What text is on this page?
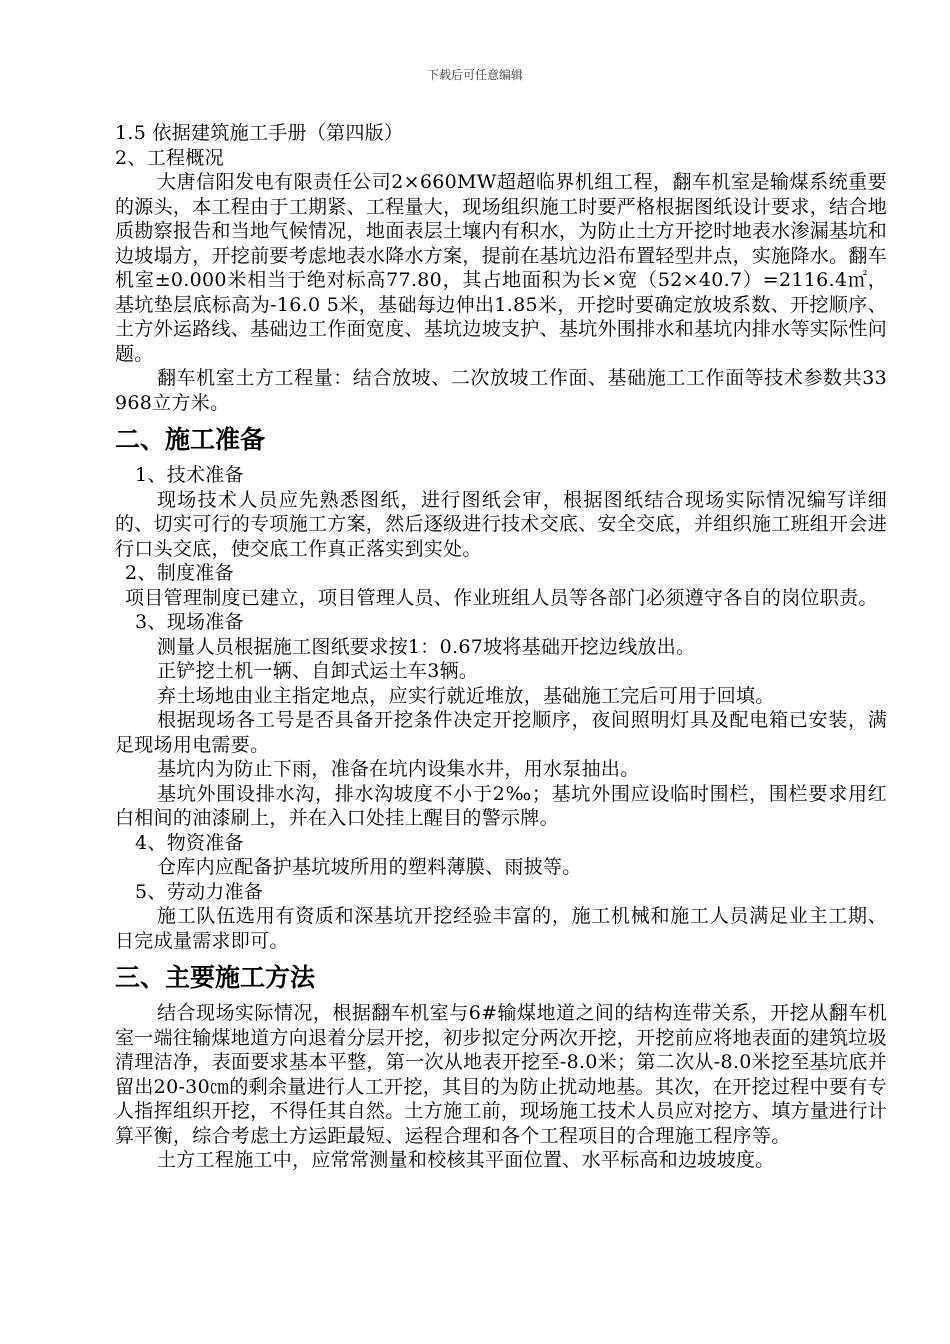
下载后可任意编辑

1.5 依据建筑施工手册（第四版）

2、工程概况

大唐信阳发电有限责任公司2×660MW超超临界机组工程，翻车机室是输煤系统重要的源头，本工程由于工期紧、工程量大，现场组织施工时要严格根据图纸设计要求，结合地质勘察报告和当地气候情况，地面表层土壤内有积水，为防止土方开挖时地表水渗漏基坑和边坡塌方，开挖前要考虑地表水降水方案，提前在基坑边沿布置轻型井点，实施降水。翻车机室±0.000米相当于绝对标高77.80，其占地面积为长×宽（52×40.7）=2116.4㎡，基坑垫层底标高为-16.0 5米，基础每边伸出1.85米，开挖时要确定放坡系数、开挖顺序、土方外运路线、基础边工作面宽度、基坑边坡支护、基坑外围排水和基坑内排水等实际性问题。

翻车机室土方工程量：结合放坡、二次放坡工作面、基础施工工作面等技术参数共33968立方米。

二、施工准备

1、技术准备

现场技术人员应先熟悉图纸，进行图纸会审，根据图纸结合现场实际情况编写详细的、切实可行的专项施工方案，然后逐级进行技术交底、安全交底，并组织施工班组开会进行口头交底，使交底工作真正落实到实处。

2、制度准备

项目管理制度已建立，项目管理人员、作业班组人员等各部门必须遵守各自的岗位职责。

3、现场准备

测量人员根据施工图纸要求按1：0.67坡将基础开挖边线放出。

正铲挖土机一辆、自卸式运土车3辆。

弃土场地由业主指定地点，应实行就近堆放，基础施工完后可用于回填。

根据现场各工号是否具备开挖条件决定开挖顺序，夜间照明灯具及配电箱已安装，满足现场用电需要。

基坑内为防止下雨，准备在坑内设集水井，用水泵抽出。

基坑外围设排水沟，排水沟坡度不小于2‰；基坑外围应设临时围栏，围栏要求用红白相间的油漆刷上，并在入口处挂上醒目的警示牌。

4、物资准备

仓库内应配备护基坑坡所用的塑料薄膜、雨披等。

5、劳动力准备

施工队伍选用有资质和深基坑开挖经验丰富的，施工机械和施工人员满足业主工期、日完成量需求即可。

三、主要施工方法

结合现场实际情况，根据翻车机室与6#输煤地道之间的结构连带关系，开挖从翻车机室一端往输煤地道方向退着分层开挖，初步拟定分两次开挖，开挖前应将地表面的建筑垃圾清理洁净，表面要求基本平整，第一次从地表开挖至-8.0米；第二次从-8.0米挖至基坑底并留出20-30㎝的剩余量进行人工开挖，其目的为防止扰动地基。其次，在开挖过程中要有专人指挥组织开挖，不得任其自然。土方施工前，现场施工技术人员应对挖方、填方量进行计算平衡，综合考虑土方运距最短、运程合理和各个工程项目的合理施工程序等。

土方工程施工中，应常常测量和校核其平面位置、水平标高和边坡坡度。
